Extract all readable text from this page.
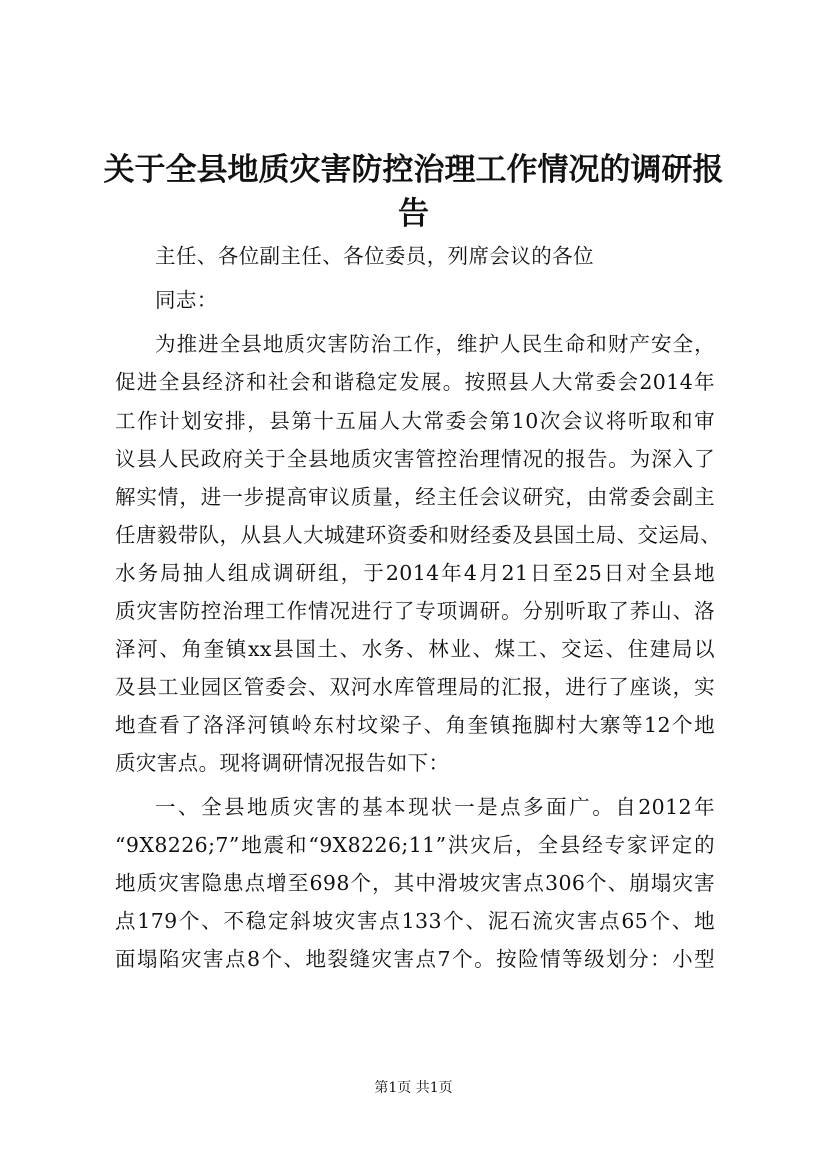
关于全县地质灾害防控治理工作情况的调研报
告
主任、各位副主任、各位委员，列席会议的各位
同志：
为推进全县地质灾害防治工作，维护人民生命和财产安全，
促进全县经济和社会和谐稳定发展。按照县人大常委会2014年
工作计划安排，县第十五届人大常委会第10次会议将听取和审
议县人民政府关于全县地质灾害管控治理情况的报告。为深入了
解实情，进一步提高审议质量，经主任会议研究，由常委会副主
任唐毅带队，从县人大城建环资委和财经委及县国土局、交运局、
水务局抽人组成调研组，于2014年4月21日至25日对全县地
质灾害防控治理工作情况进行了专项调研。分别听取了荞山、洛
泽河、角奎镇xx县国土、水务、林业、煤工、交运、住建局以
及县工业园区管委会、双河水库管理局的汇报，进行了座谈，实
地查看了洛泽河镇岭东村坟梁子、角奎镇拖脚村大寨等12个地
质灾害点。现将调研情况报告如下：
一、全县地质灾害的基本现状一是点多面广。自2012年
“9X8226;7”地震和“9X8226;11”洪灾后，全县经专家评定的
地质灾害隐患点增至698个，其中滑坡灾害点306个、崩塌灾害
点179个、不稳定斜坡灾害点133个、泥石流灾害点65个、地
面塌陷灾害点8个、地裂缝灾害点7个。按险情等级划分：小型
第1页 共1页
